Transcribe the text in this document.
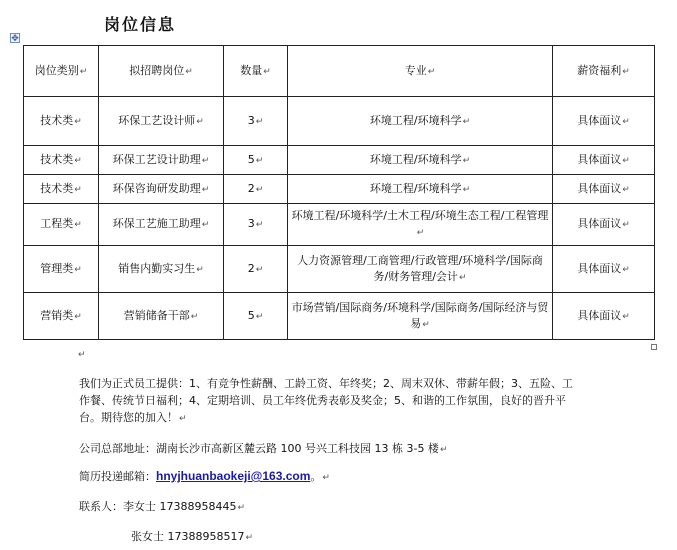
岗位信息
✥
岗位类别↵	拟招聘岗位↵	数量↵	专业↵	薪资福利↵
技术类↵	环保工艺设计师↵	3↵	环境工程/环境科学↵	具体面议↵
技术类↵	环保工艺设计助理↵	5↵	环境工程/环境科学↵	具体面议↵
技术类↵	环保咨询研发助理↵	2↵	环境工程/环境科学↵	具体面议↵
工程类↵	环保工艺施工助理↵	3↵	环境工程/环境科学/土木工程/环境生态工程/工程管理↵	具体面议↵
管理类↵	销售内勤实习生↵	2↵	人力资源管理/工商管理/行政管理/环境科学/国际商务/财务管理/会计↵	具体面议↵
营销类↵	营销储备干部↵	5↵	市场营销/国际商务/环境科学/国际商务/国际经济与贸易↵	具体面议↵
↵
我们为正式员工提供：1、有竞争性薪酬、工龄工资、年终奖；2、周末双休、带薪年假；3、五险、工作餐、传统节日福利；4、定期培训、员工年终优秀表彰及奖金；5、和谐的工作氛围，良好的晋升平台。期待您的加入！↵
公司总部地址：湖南长沙市高新区麓云路 100 号兴工科技园 13 栋 3-5 楼↵
简历投递邮箱：hnyjhuanbaokeji@163.com。↵
联系人：李女士 17388958445↵
张女士 17388958517↵
